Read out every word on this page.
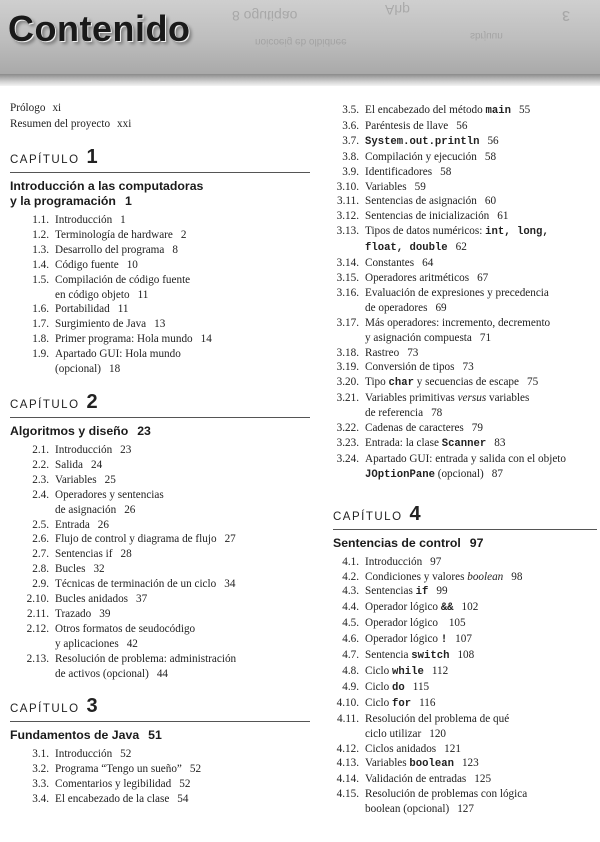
8 ogutiqao
noicoeig eb olbidnee
Ahp
sbrjuun
ε
Contenido
Prólogo xi
Resumen del proyecto xxi
CAPÍTULO 1
Introducción a las computadoras
y la programación 1
1.1. Introducción 1
1.2. Terminología de hardware 2
1.3. Desarrollo del programa 8
1.4. Código fuente 10
1.5. Compilación de código fuente
en código objeto 11
1.6. Portabilidad 11
1.7. Surgimiento de Java 13
1.8. Primer programa: Hola mundo 14
1.9. Apartado GUI: Hola mundo
(opcional) 18
CAPÍTULO 2
Algoritmos y diseño 23
2.1. Introducción 23
2.2. Salida 24
2.3. Variables 25
2.4. Operadores y sentencias
de asignación 26
2.5. Entrada 26
2.6. Flujo de control y diagrama de flujo 27
2.7. Sentencias if 28
2.8. Bucles 32
2.9. Técnicas de terminación de un ciclo 34
2.10. Bucles anidados 37
2.11. Trazado 39
2.12. Otros formatos de seudocódigo
y aplicaciones 42
2.13. Resolución de problema: administración
de activos (opcional) 44
CAPÍTULO 3
Fundamentos de Java 51
3.1. Introducción 52
3.2. Programa “Tengo un sueño” 52
3.3. Comentarios y legibilidad 52
3.4. El encabezado de la clase 54
3.5. El encabezado del método main 55
3.6. Paréntesis de llave 56
3.7. System.out.println 56
3.8. Compilación y ejecución 58
3.9. Identificadores 58
3.10. Variables 59
3.11. Sentencias de asignación 60
3.12. Sentencias de inicialización 61
3.13. Tipos de datos numéricos: int, long,
float, double 62
3.14. Constantes 64
3.15. Operadores aritméticos 67
3.16. Evaluación de expresiones y precedencia
de operadores 69
3.17. Más operadores: incremento, decremento
y asignación compuesta 71
3.18. Rastreo 73
3.19. Conversión de tipos 73
3.20. Tipo char y secuencias de escape 75
3.21. Variables primitivas versus variables
de referencia 78
3.22. Cadenas de caracteres 79
3.23. Entrada: la clase Scanner 83
3.24. Apartado GUI: entrada y salida con el objeto
JOptionPane (opcional) 87
CAPÍTULO 4
Sentencias de control 97
4.1. Introducción 97
4.2. Condiciones y valores boolean 98
4.3. Sentencias if 99
4.4. Operador lógico && 102
4.5. Operador lógico 105
4.6. Operador lógico ! 107
4.7. Sentencia switch 108
4.8. Ciclo while 112
4.9. Ciclo do 115
4.10. Ciclo for 116
4.11. Resolución del problema de qué
ciclo utilizar 120
4.12. Ciclos anidados 121
4.13. Variables boolean 123
4.14. Validación de entradas 125
4.15. Resolución de problemas con lógica
boolean (opcional) 127
